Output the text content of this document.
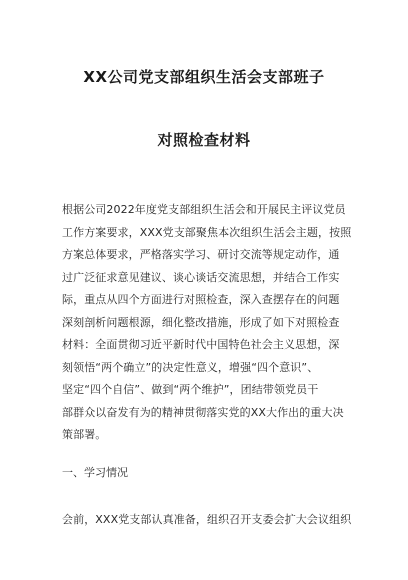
XX公司党支部组织生活会支部班子
对照检查材料
根据公司2022年度党支部组织生活会和开展民主评议党员
工作方案要求，XXX党支部聚焦本次组织生活会主题，按照
方案总体要求，严格落实学习、研讨交流等规定动作，通
过广泛征求意见建议、谈心谈话交流思想，并结合工作实
际，重点从四个方面进行对照检查，深入查摆存在的问题
深刻剖析问题根源，细化整改措施，形成了如下对照检查
材料：全面贯彻习近平新时代中国特色社会主义思想，深
刻领悟“两个确立”的决定性意义，增强“四个意识”、
坚定“四个自信”、做到“两个维护”，团结带领党员干
部群众以奋发有为的精神贯彻落实党的XX大作出的重大决
策部署。
一、学习情况
会前，XXX党支部认真准备，组织召开支委会扩大会议组织
